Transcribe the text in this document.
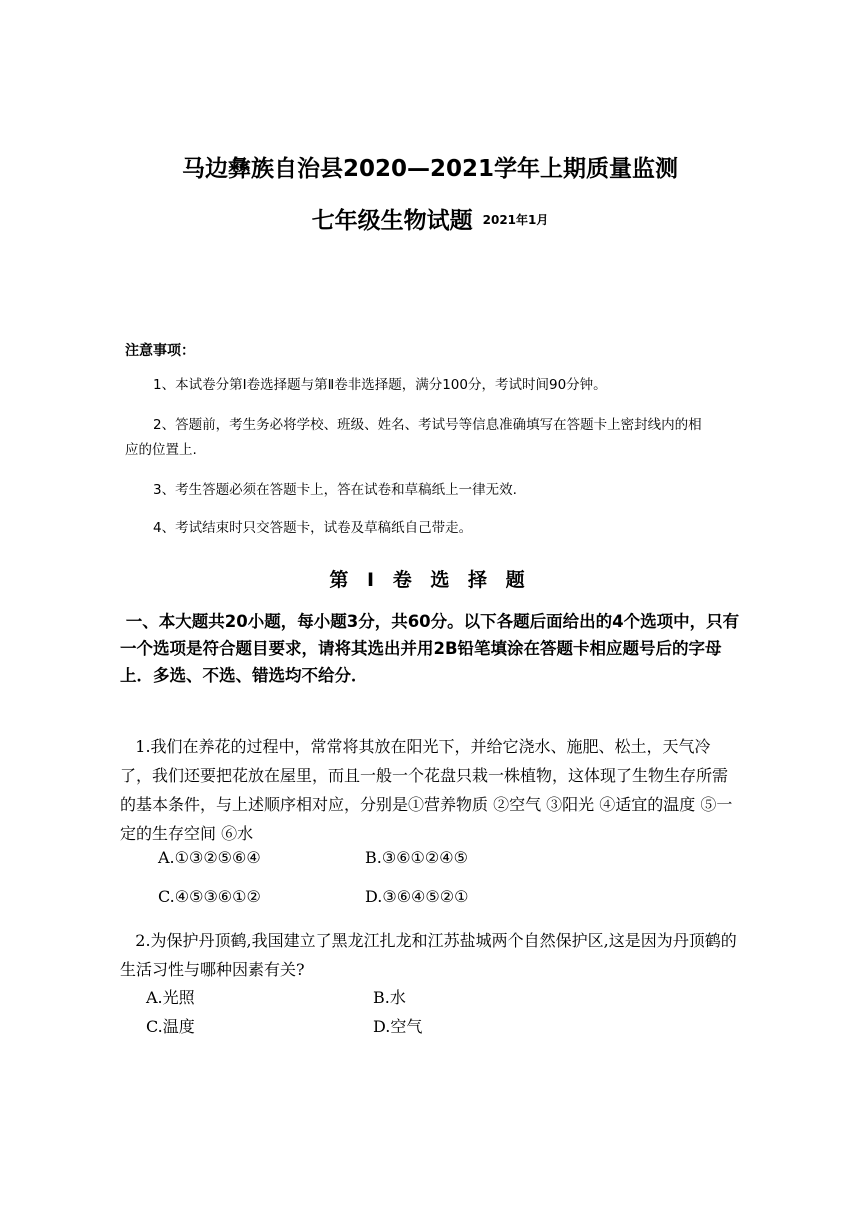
马边彝族自治县2020—2021学年上期质量监测
七年级生物试题 2021年1月
注意事项：
1、本试卷分第Ⅰ卷选择题与第Ⅱ卷非选择题，满分100分，考试时间90分钟。
2、答题前，考生务必将学校、班级、姓名、考试号等信息准确填写在答题卡上密封线内的相应的位置上.
3、考生答题必须在答题卡上，答在试卷和草稿纸上一律无效.
4、考试结束时只交答题卡，试卷及草稿纸自己带走。
第 Ⅰ 卷 选 择 题
一、本大题共20小题，每小题3分，共60分。以下各题后面给出的4个选项中，只有一个选项是符合题目要求，请将其选出并用2B铅笔填涂在答题卡相应题号后的字母上．多选、不选、错选均不给分．
1.我们在养花的过程中，常常将其放在阳光下，并给它浇水、施肥、松土，天气冷了，我们还要把花放在屋里，而且一般一个花盘只栽一株植物，这体现了生物生存所需的基本条件，与上述顺序相对应，分别是①营养物质 ②空气 ③阳光 ④适宜的温度 ⑤一定的生存空间 ⑥水
A.①③②⑤⑥④	B.③⑥①②④⑤
C.④⑤③⑥①②	D.③⑥④⑤②①
2.为保护丹顶鹤,我国建立了黑龙江扎龙和江苏盐城两个自然保护区,这是因为丹顶鹤的生活习性与哪种因素有关?
A.光照	B.水
C.温度	D.空气
